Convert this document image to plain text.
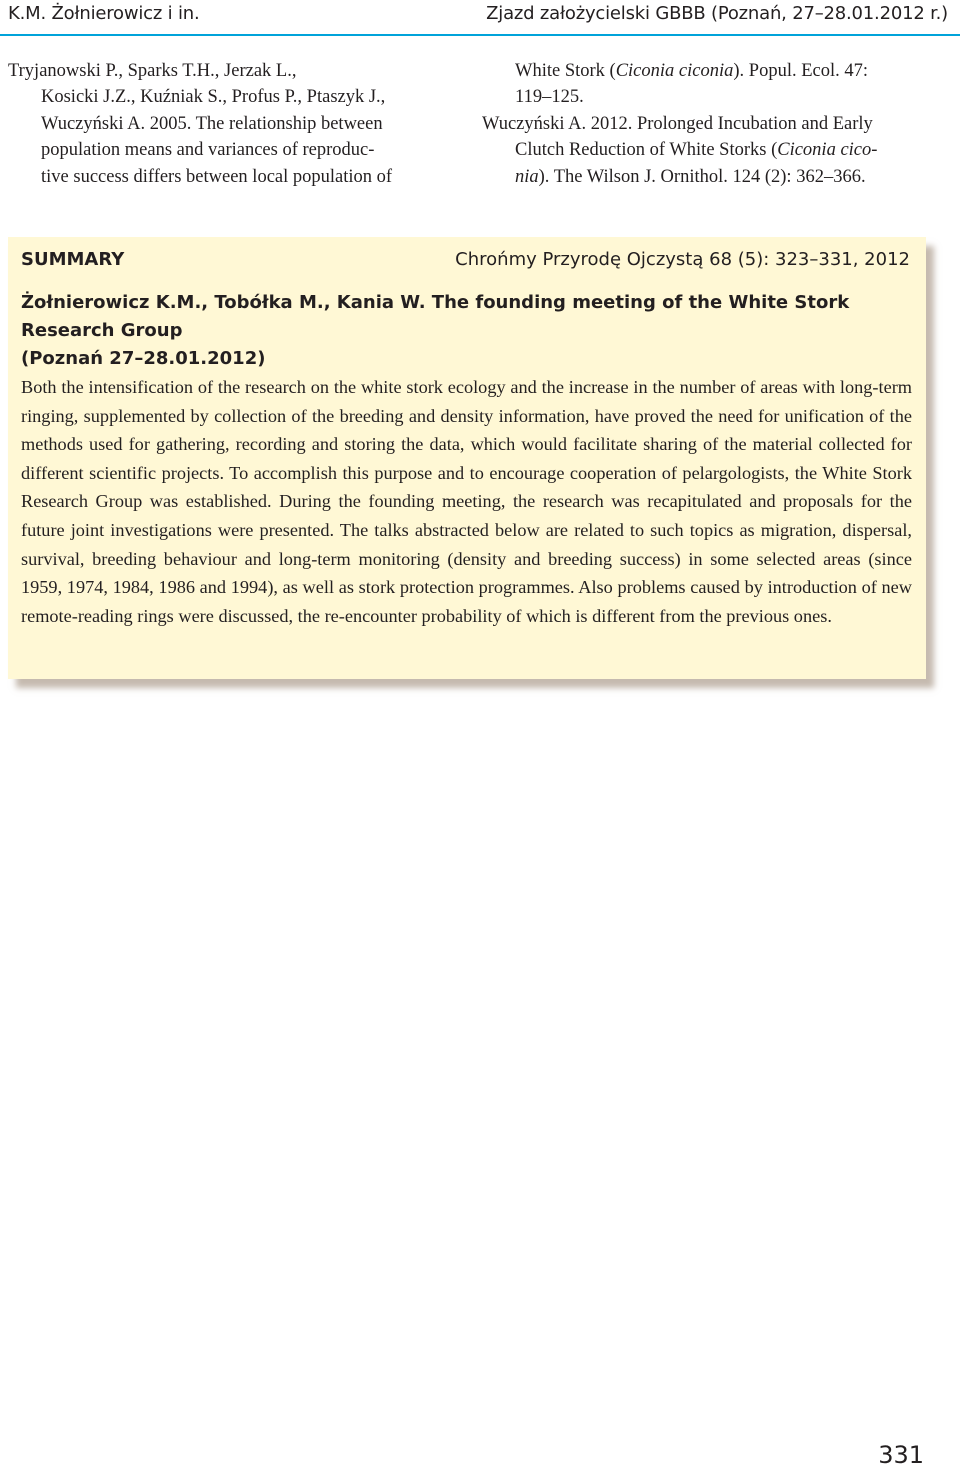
K.M. Żołnierowicz i in.	Zjazd założycielski GBBB (Poznań, 27–28.01.2012 r.)
Tryjanowski P., Sparks T.H., Jerzak L.,
Kosicki J.Z., Kuźniak S., Profus P., Ptaszyk J.,
Wuczyński A. 2005. The relationship between
population means and variances of reproduc-
tive success differs between local population of
White Stork (Ciconia ciconia). Popul. Ecol. 47:
119–125.
Wuczyński A. 2012. Prolonged Incubation and Early
Clutch Reduction of White Storks (Ciconia cico-
nia). The Wilson J. Ornithol. 124 (2): 362–366.
SUMMARY	Chrońmy Przyrodę Ojczystą 68 (5): 323–331, 2012
Żołnierowicz K.M., Tobółka M., Kania W. The founding meeting of the White Stork Research Group
(Poznań 27–28.01.2012)

Both the intensification of the research on the white stork ecology and the increase in the number of areas with long-term ringing, supplemented by collection of the breeding and density information, have proved the need for unification of the methods used for gathering, recording and storing the data, which would facilitate sharing of the material collected for different scientific projects. To accomplish this purpose and to encourage cooperation of pelargologists, the White Stork Research Group was established. During the founding meeting, the research was recapitulated and proposals for the future joint investigations were presented. The talks abstracted below are related to such topics as migration, dispersal, survival, breeding behaviour and long-term monitoring (density and breeding success) in some selected areas (since 1959, 1974, 1984, 1986 and 1994), as well as stork protection programmes. Also problems caused by introduction of new remote-reading rings were discussed, the re-encounter probability of which is different from the previous ones.

331
